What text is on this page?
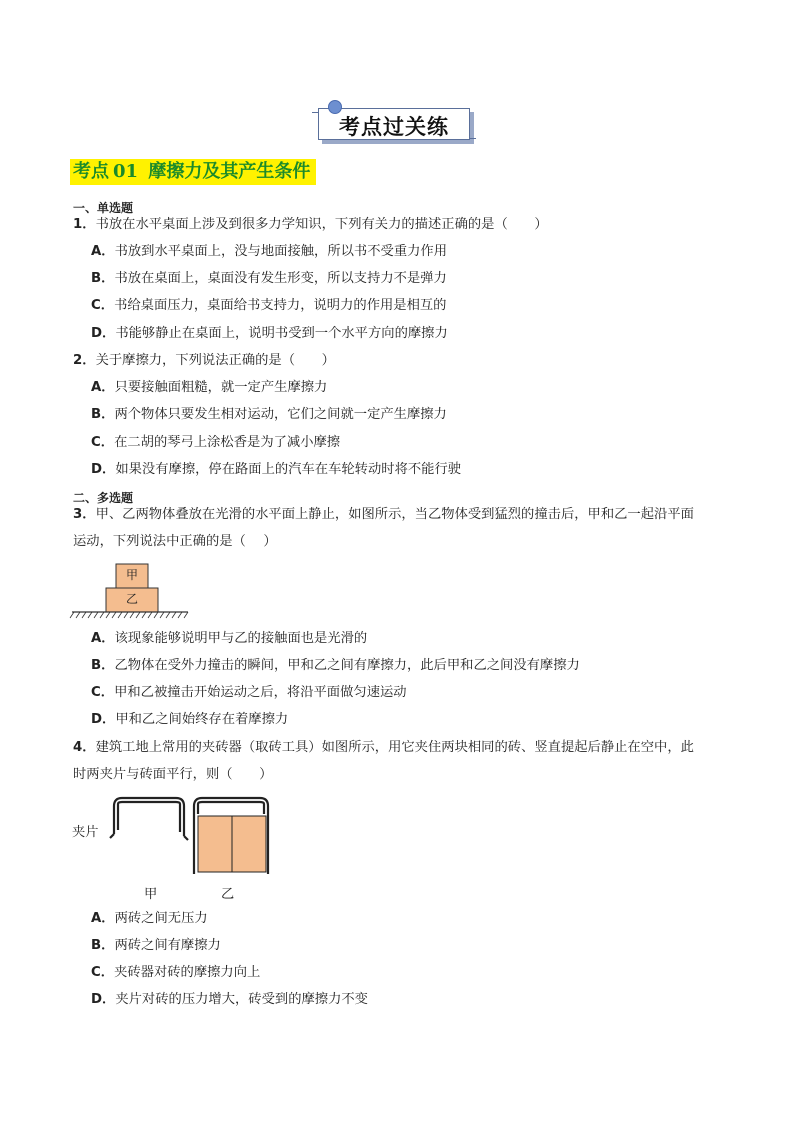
考点过关练
考点 01 摩擦力及其产生条件
一、单选题
1．书放在水平桌面上涉及到很多力学知识，下列有关力的描述正确的是（　　）
A．书放到水平桌面上，没与地面接触，所以书不受重力作用
B．书放在桌面上，桌面没有发生形变，所以支持力不是弹力
C．书给桌面压力，桌面给书支持力，说明力的作用是相互的
D．书能够静止在桌面上，说明书受到一个水平方向的摩擦力
2．关于摩擦力，下列说法正确的是（　　）
A．只要接触面粗糙，就一定产生摩擦力
B．两个物体只要发生相对运动，它们之间就一定产生摩擦力
C．在二胡的琴弓上涂松香是为了减小摩擦
D．如果没有摩擦，停在路面上的汽车在车轮转动时将不能行驶
二、多选题
3．甲、乙两物体叠放在光滑的水平面上静止，如图所示，当乙物体受到猛烈的撞击后，甲和乙一起沿平面
运动，下列说法中正确的是（　 ）
甲
乙
A．该现象能够说明甲与乙的接触面也是光滑的
B．乙物体在受外力撞击的瞬间，甲和乙之间有摩擦力，此后甲和乙之间没有摩擦力
C．甲和乙被撞击开始运动之后，将沿平面做匀速运动
D．甲和乙之间始终存在着摩擦力
4．建筑工地上常用的夹砖器（取砖工具）如图所示，用它夹住两块相同的砖、竖直提起后静止在空中，此
时两夹片与砖面平行，则（　　）
夹片
甲	乙
A．两砖之间无压力
B．两砖之间有摩擦力
C．夹砖器对砖的摩擦力向上
D．夹片对砖的压力增大，砖受到的摩擦力不变
